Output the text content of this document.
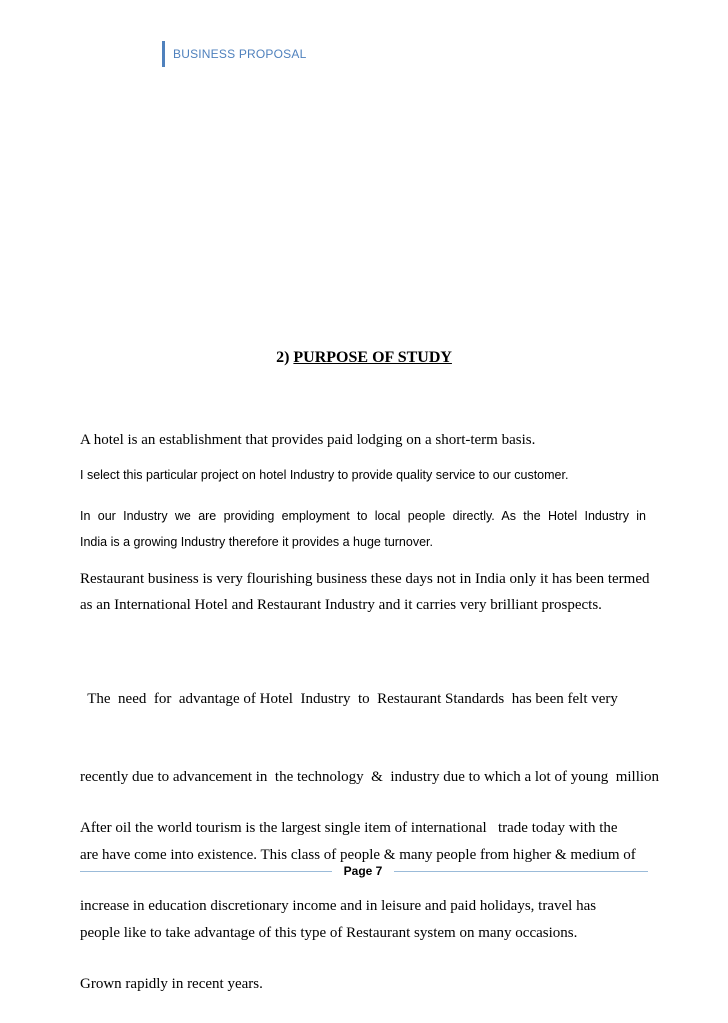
BUSINESS PROPOSAL
2) PURPOSE OF STUDY
A hotel is an establishment that provides paid lodging on a short-term basis.
I select this particular project on hotel Industry to provide quality service to our customer.
In our Industry we are providing employment to local people directly. As the Hotel Industry in
India is a growing Industry therefore it provides a huge turnover.
Restaurant business is very flourishing business these days not in India only it has been termed
as an International Hotel and Restaurant Industry and it carries very brilliant prospects.

The  need  for  advantage of Hotel  Industry  to  Restaurant Standards  has been felt very

recently due to advancement in  the technology  &  industry due to which a lot of young  million

are have come into existence. This class of people & many people from higher & medium of

people like to take advantage of this type of Restaurant system on many occasions.

After oil the world tourism is the largest single item of international   trade today with the

increase in education discretionary income and in leisure and paid holidays, travel has

Grown rapidly in recent years.

Page 7
